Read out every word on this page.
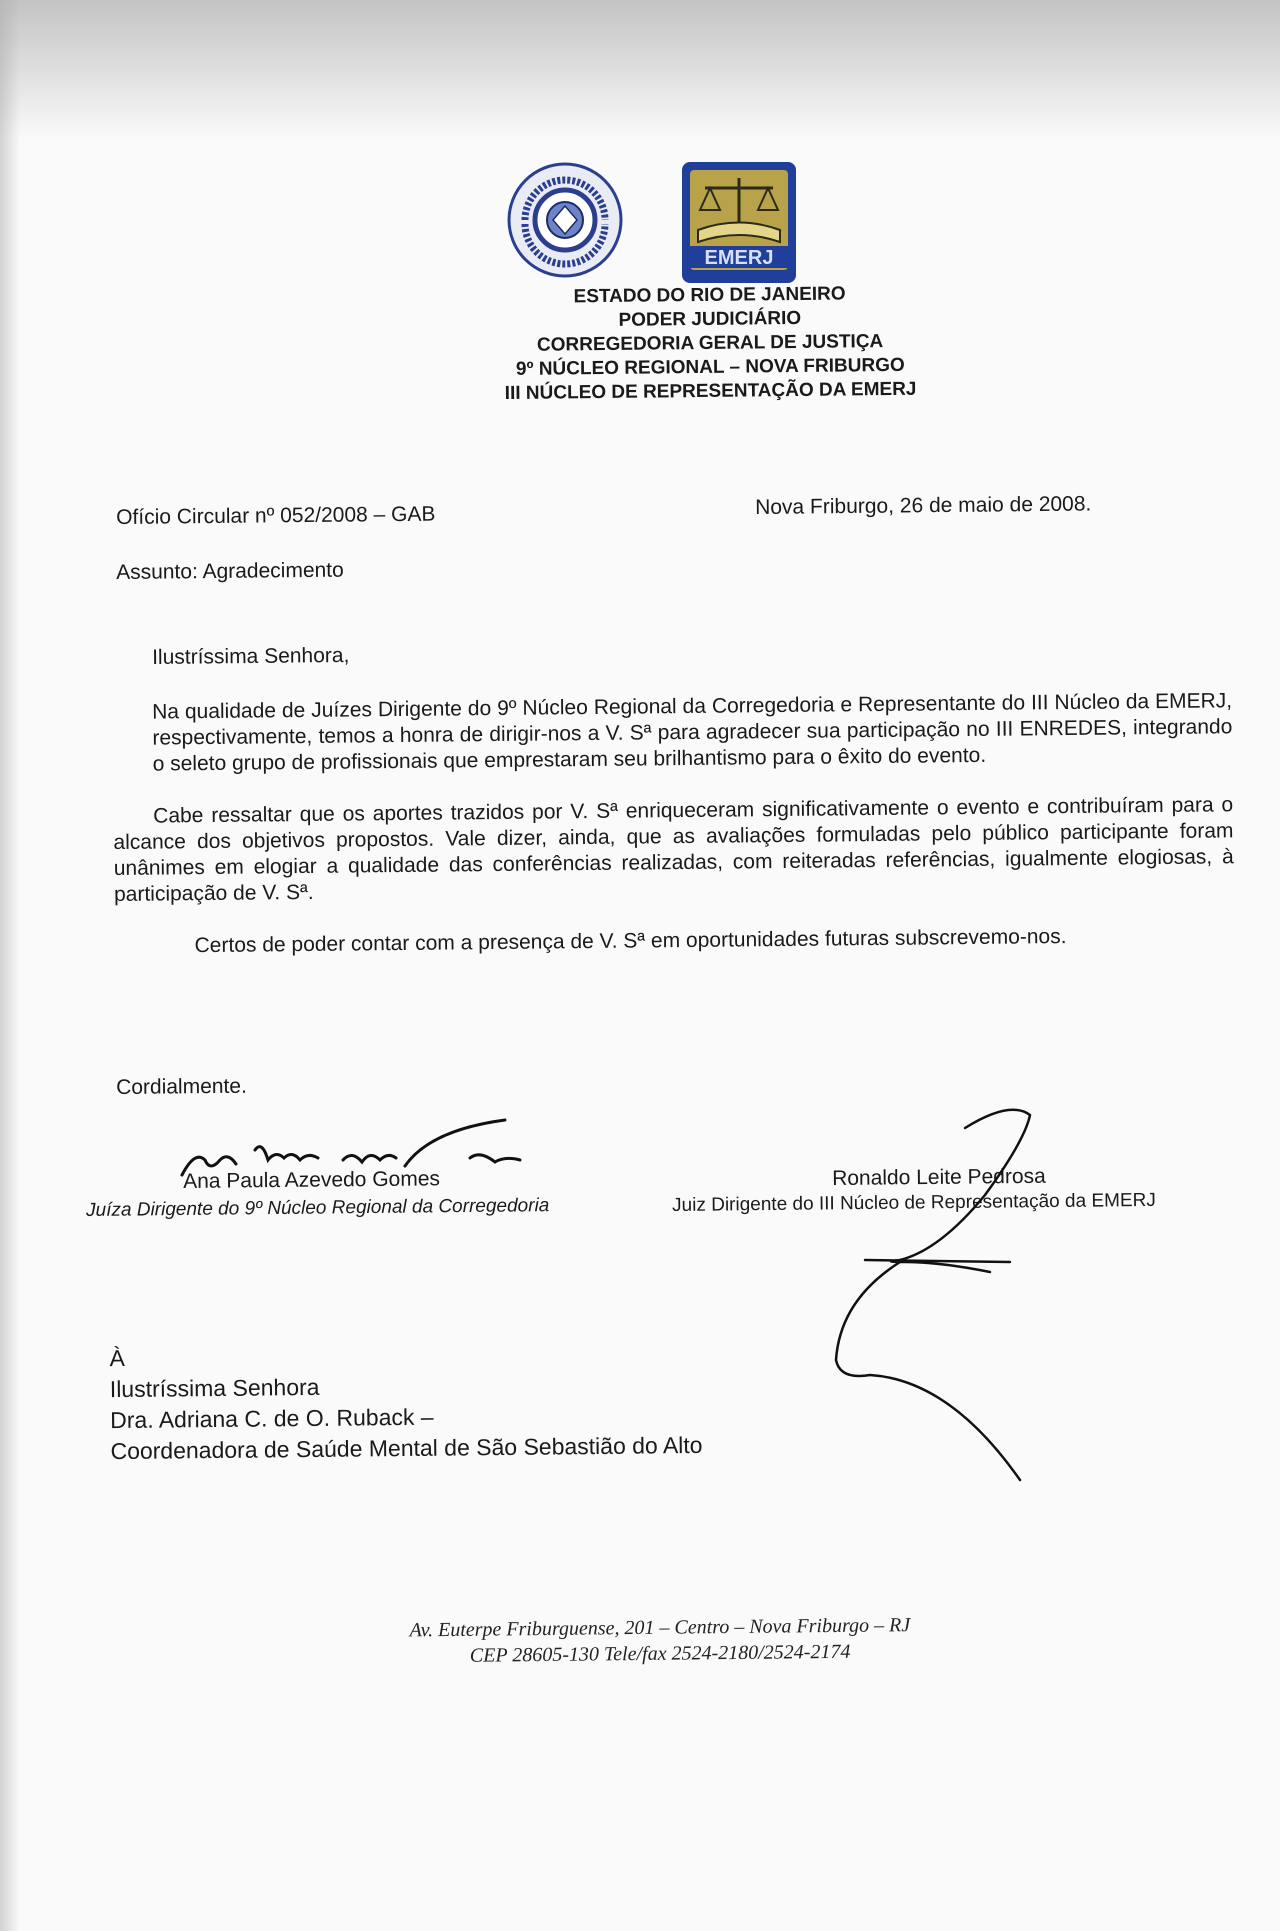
EMERJ
ESTADO DO RIO DE JANEIRO
PODER JUDICIÁRIO
CORREGEDORIA GERAL DE JUSTIÇA
9º NÚCLEO REGIONAL – NOVA FRIBURGO
III NÚCLEO DE REPRESENTAÇÃO DA EMERJ
Ofício Circular nº 052/2008 – GAB	Nova Friburgo, 26 de maio de 2008.
Assunto: Agradecimento
Ilustríssima Senhora,

Na qualidade de Juízes Dirigente do 9º Núcleo Regional da Corregedoria e Representante do III Núcleo da EMERJ, respectivamente, temos a honra de dirigir-nos a V. Sª para agradecer sua participação no III ENREDES, integrando o seleto grupo de profissionais que emprestaram seu brilhantismo para o êxito do evento.

Cabe ressaltar que os aportes trazidos por V. Sª enriqueceram significativamente o evento e contribuíram para o alcance dos objetivos propostos. Vale dizer, ainda, que as avaliações formuladas pelo público participante foram unânimes em elogiar a qualidade das conferências realizadas, com reiteradas referências, igualmente elogiosas, à participação de V. Sª.

Certos de poder contar com a presença de V. Sª em oportunidades futuras subscrevemo-nos.

Cordialmente.
Ana Paula Azevedo Gomes
Juíza Dirigente do 9º Núcleo Regional da Corregedoria
Ronaldo Leite Pedrosa
Juiz Dirigente do III Núcleo de Representação da EMERJ
À
Ilustríssima Senhora
Dra. Adriana C. de O. Ruback –
Coordenadora de Saúde Mental de São Sebastião do Alto
Av. Euterpe Friburguense, 201 – Centro – Nova Friburgo – RJ
CEP 28605-130 Tele/fax 2524-2180/2524-2174
